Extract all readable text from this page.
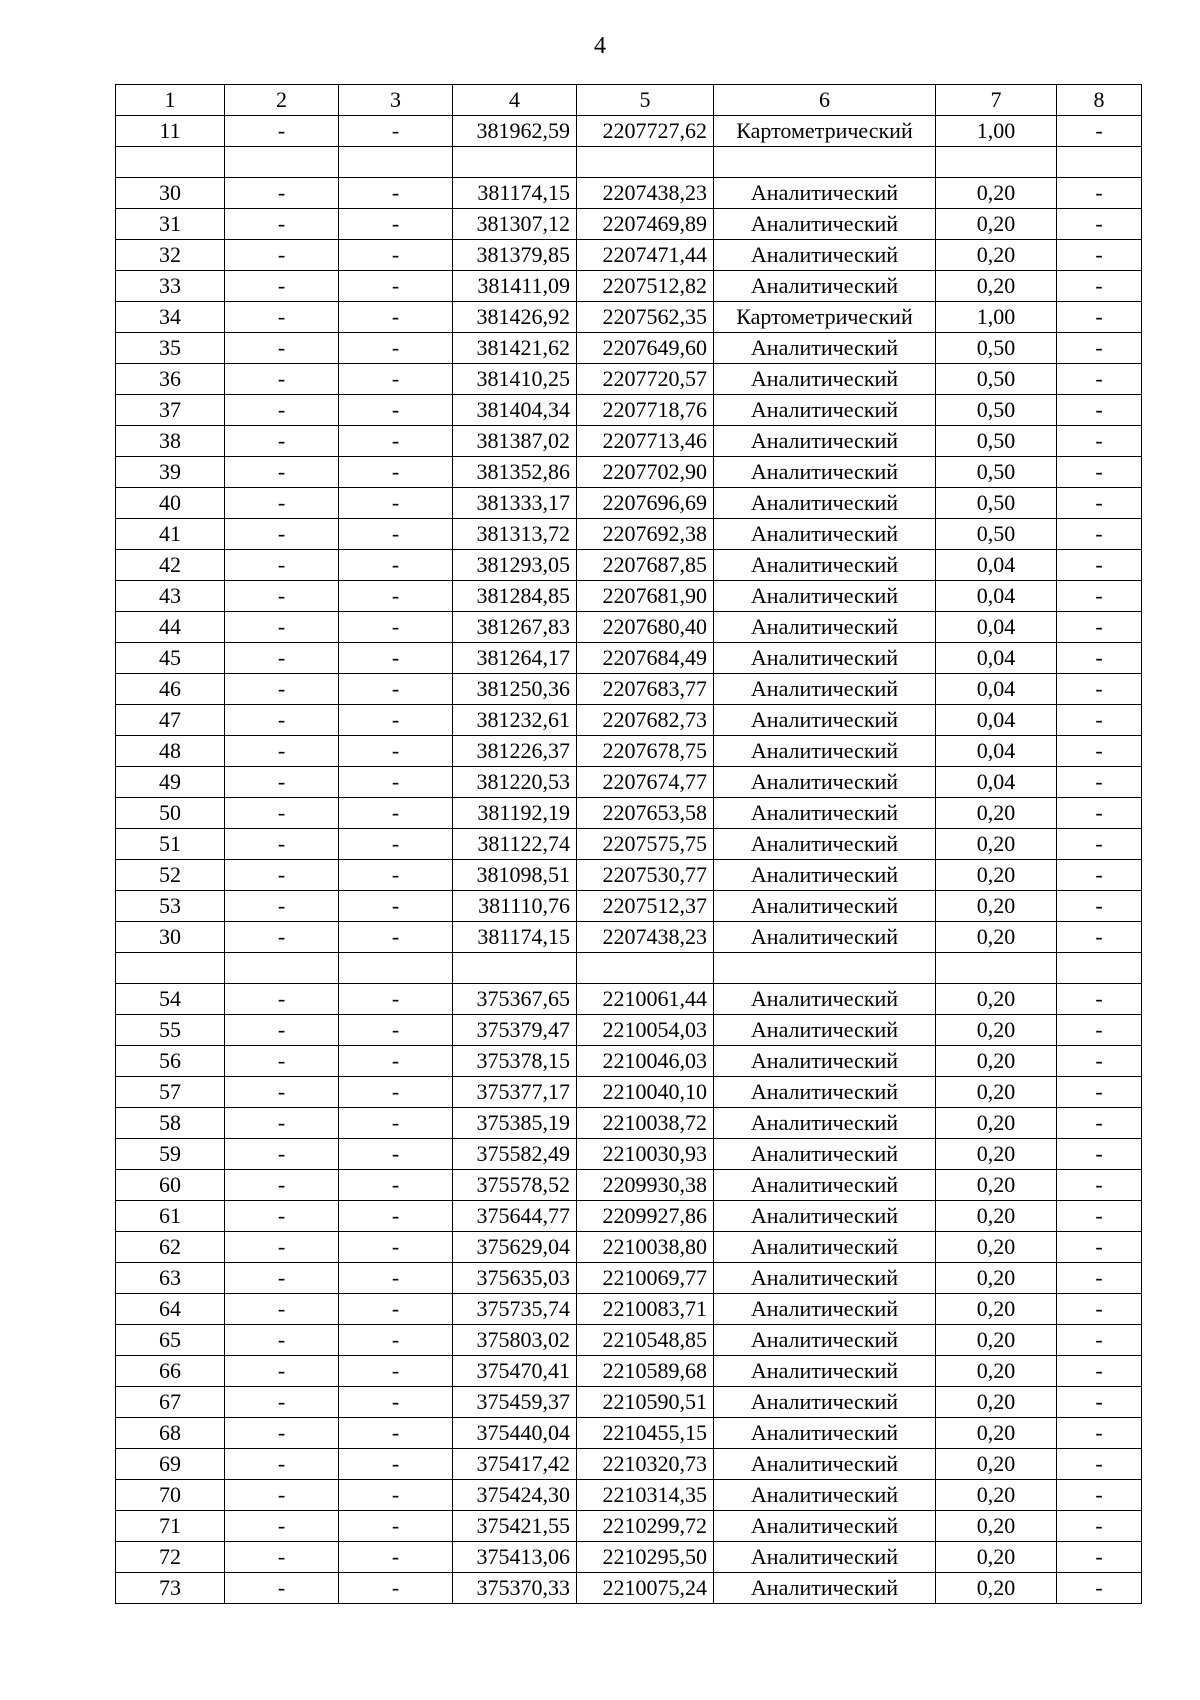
4
1	2	3	4	5	6	7	8
11	-	-	381962,59	2207727,62	Картометрический	1,00	-

30	-	-	381174,15	2207438,23	Аналитический	0,20	-
31	-	-	381307,12	2207469,89	Аналитический	0,20	-
32	-	-	381379,85	2207471,44	Аналитический	0,20	-
33	-	-	381411,09	2207512,82	Аналитический	0,20	-
34	-	-	381426,92	2207562,35	Картометрический	1,00	-
35	-	-	381421,62	2207649,60	Аналитический	0,50	-
36	-	-	381410,25	2207720,57	Аналитический	0,50	-
37	-	-	381404,34	2207718,76	Аналитический	0,50	-
38	-	-	381387,02	2207713,46	Аналитический	0,50	-
39	-	-	381352,86	2207702,90	Аналитический	0,50	-
40	-	-	381333,17	2207696,69	Аналитический	0,50	-
41	-	-	381313,72	2207692,38	Аналитический	0,50	-
42	-	-	381293,05	2207687,85	Аналитический	0,04	-
43	-	-	381284,85	2207681,90	Аналитический	0,04	-
44	-	-	381267,83	2207680,40	Аналитический	0,04	-
45	-	-	381264,17	2207684,49	Аналитический	0,04	-
46	-	-	381250,36	2207683,77	Аналитический	0,04	-
47	-	-	381232,61	2207682,73	Аналитический	0,04	-
48	-	-	381226,37	2207678,75	Аналитический	0,04	-
49	-	-	381220,53	2207674,77	Аналитический	0,04	-
50	-	-	381192,19	2207653,58	Аналитический	0,20	-
51	-	-	381122,74	2207575,75	Аналитический	0,20	-
52	-	-	381098,51	2207530,77	Аналитический	0,20	-
53	-	-	381110,76	2207512,37	Аналитический	0,20	-
30	-	-	381174,15	2207438,23	Аналитический	0,20	-

54	-	-	375367,65	2210061,44	Аналитический	0,20	-
55	-	-	375379,47	2210054,03	Аналитический	0,20	-
56	-	-	375378,15	2210046,03	Аналитический	0,20	-
57	-	-	375377,17	2210040,10	Аналитический	0,20	-
58	-	-	375385,19	2210038,72	Аналитический	0,20	-
59	-	-	375582,49	2210030,93	Аналитический	0,20	-
60	-	-	375578,52	2209930,38	Аналитический	0,20	-
61	-	-	375644,77	2209927,86	Аналитический	0,20	-
62	-	-	375629,04	2210038,80	Аналитический	0,20	-
63	-	-	375635,03	2210069,77	Аналитический	0,20	-
64	-	-	375735,74	2210083,71	Аналитический	0,20	-
65	-	-	375803,02	2210548,85	Аналитический	0,20	-
66	-	-	375470,41	2210589,68	Аналитический	0,20	-
67	-	-	375459,37	2210590,51	Аналитический	0,20	-
68	-	-	375440,04	2210455,15	Аналитический	0,20	-
69	-	-	375417,42	2210320,73	Аналитический	0,20	-
70	-	-	375424,30	2210314,35	Аналитический	0,20	-
71	-	-	375421,55	2210299,72	Аналитический	0,20	-
72	-	-	375413,06	2210295,50	Аналитический	0,20	-
73	-	-	375370,33	2210075,24	Аналитический	0,20	-
